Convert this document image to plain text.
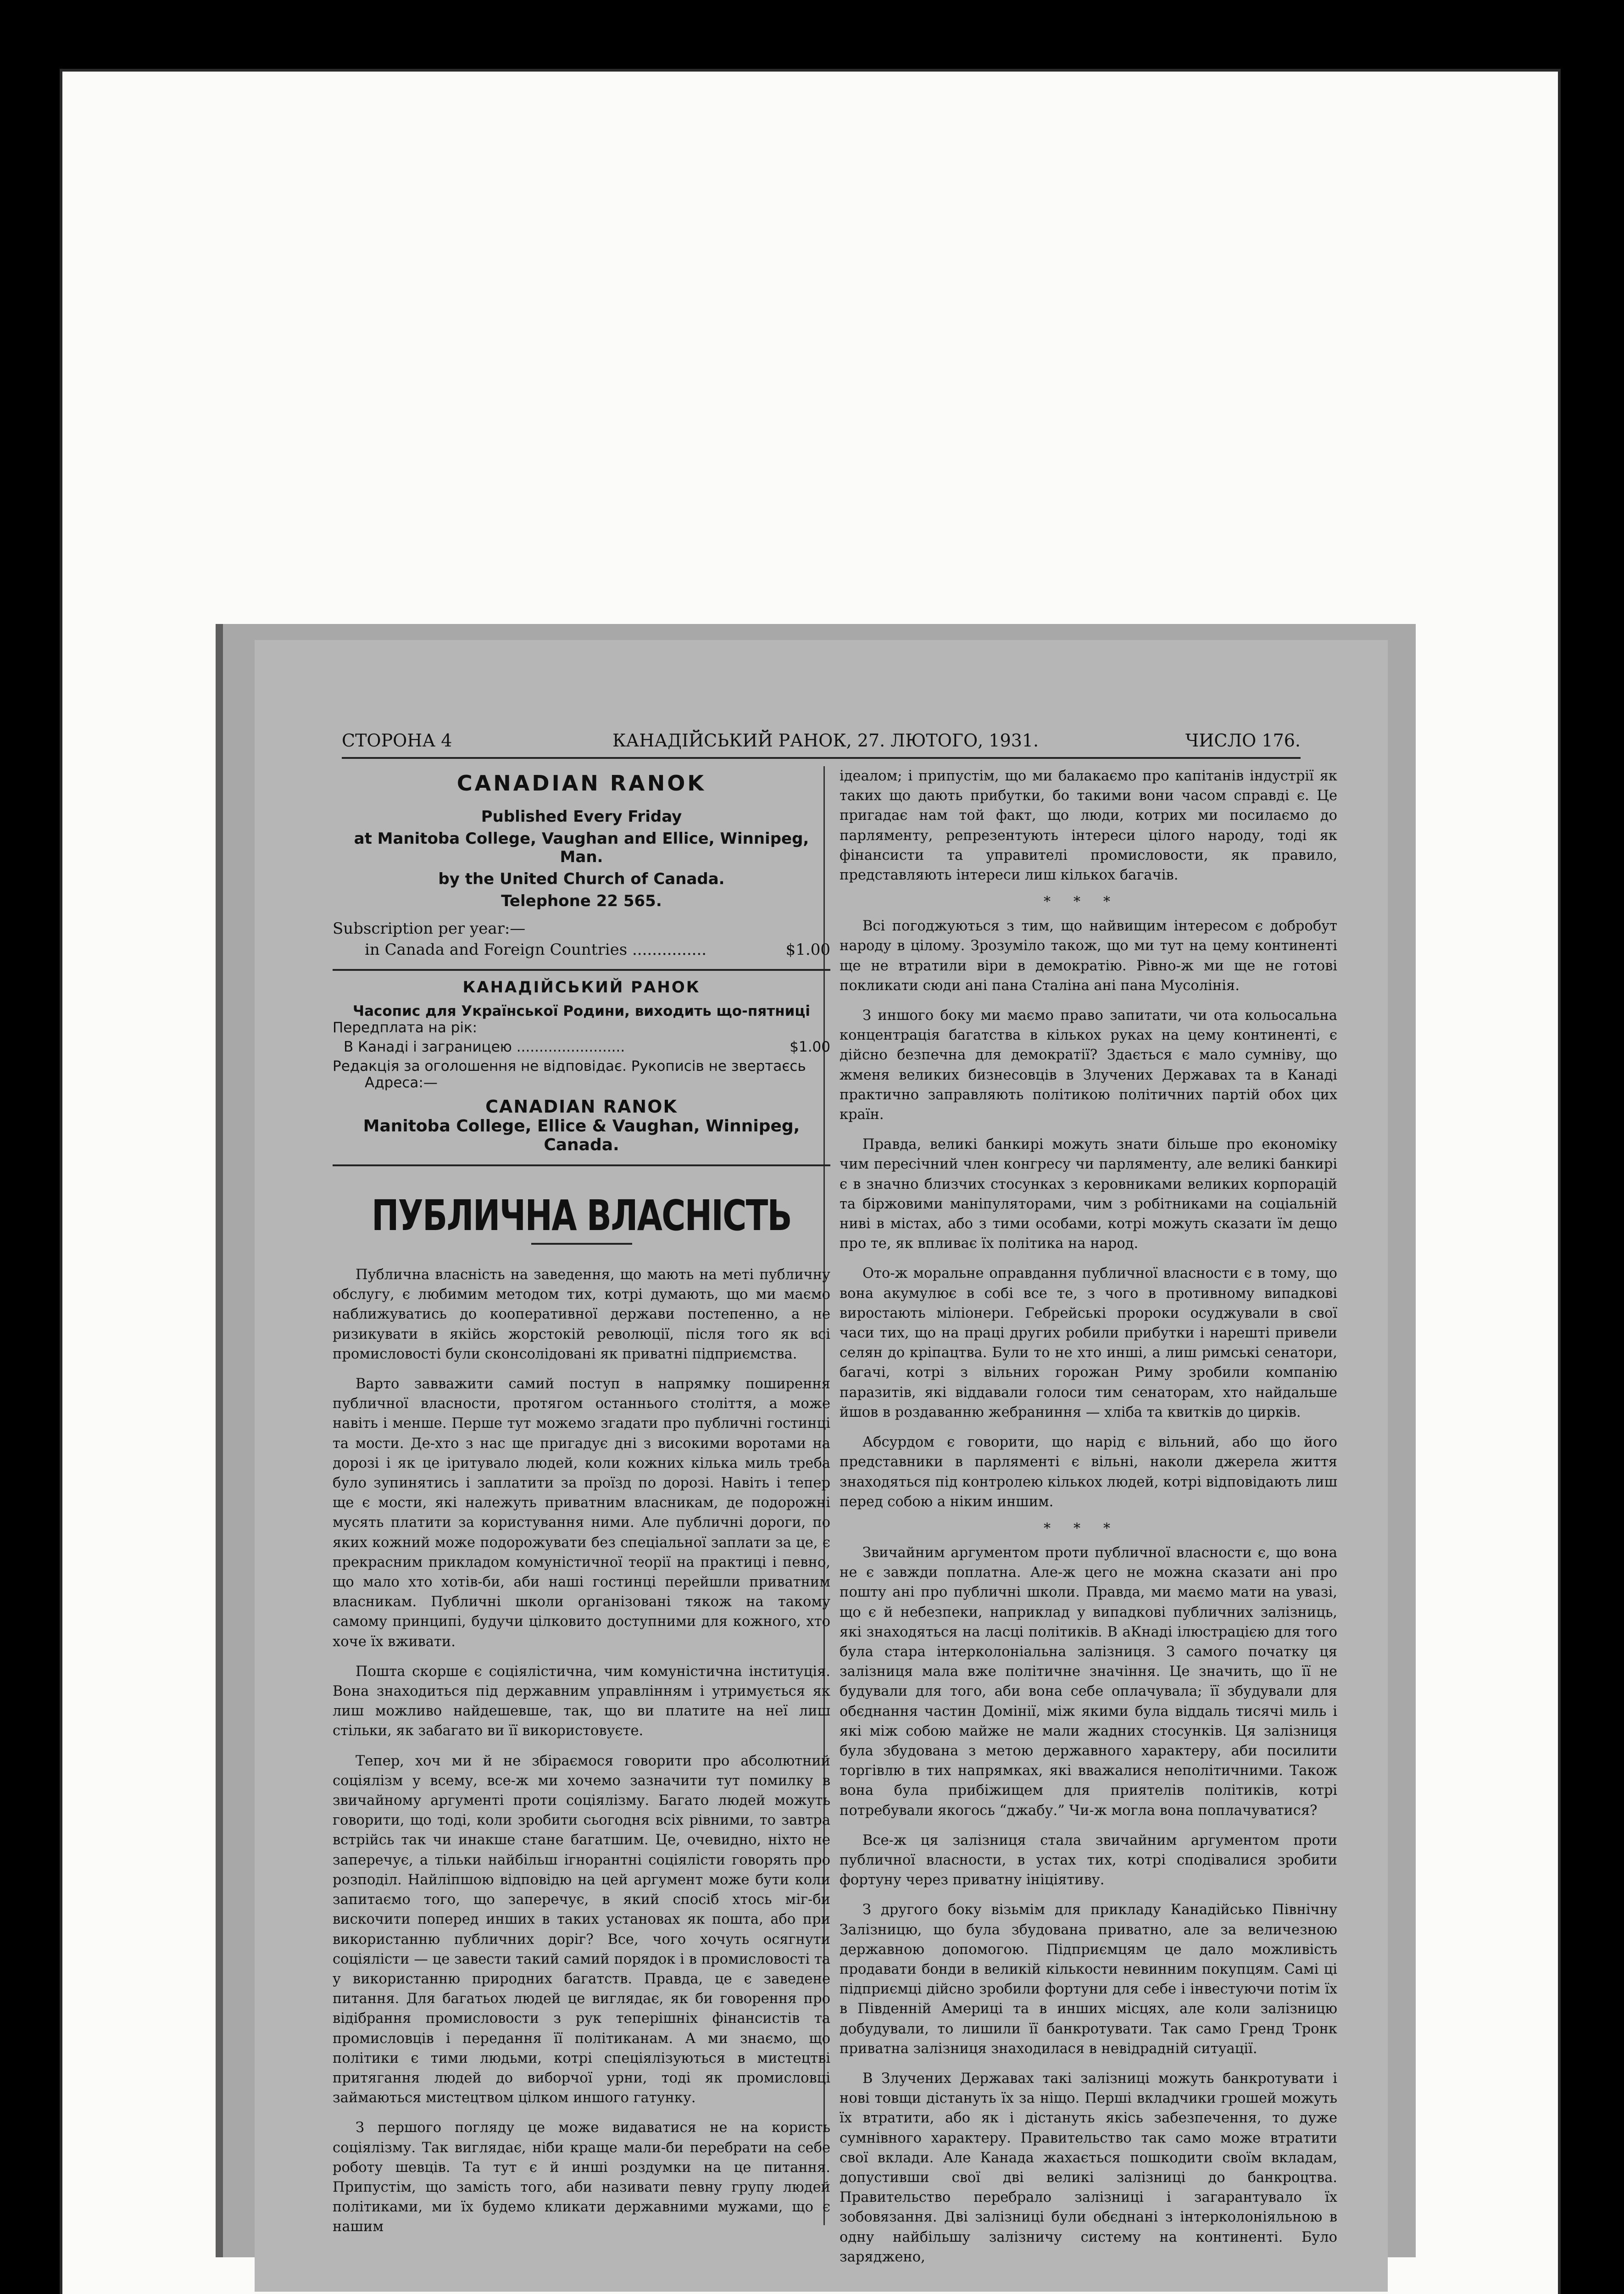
СТОРОНА 4	КАНАДІЙСЬКИЙ РАНОК, 27. ЛЮТОГО, 1931.	ЧИСЛО 176.
CANADIAN RANOK
Published Every Friday
at Manitoba College, Vaughan and Ellice, Winnipeg, Man.
by the United Church of Canada.
Telephone 22 565.
Subscription per year:—
in Canada and Foreign Countries ...............	$1.00
КАНАДІЙСЬКИЙ РАНОК
Часопис для Української Родини, виходить що-пятниці
Передплата на рік:
В Канаді і заграницею ........................	$1.00
Редакція за оголошення не відповідає. Рукописів не звертаєсь
Адреса:—
CANADIAN RANOK
Manitoba College, Ellice & Vaughan, Winnipeg, Canada.
ПУБЛИЧНА ВЛАСНІСТЬ

Публична власність на заведення, що мають на меті публичну обслугу, є любимим методом тих, котрі думають, що ми маємо наближуватись до кооперативної держави постепенно, а не ризикувати в якійсь жорстокій революції, після того як всі промисловості були сконсолідовані як приватні підприємства.

Варто завважити самий поступ в напрямку поширення публичної власности, протягом останнього століття, а може навіть і менше. Перше тут можемо згадати про публичні гостинці та мости. Де-хто з нас ще пригадує дні з високими воротами на дорозі і як це іритувало людей, коли кожних кілька миль треба було зупинятись і заплатити за проїзд по дорозі. Навіть і тепер ще є мости, які належуть приватним власникам, де подорожні мусять платити за користування ними. Але публичні дороги, по яких кожний може подорожувати без спеціальної заплати за це, є прекрасним прикладом комуністичної теорії на практиці і певно, що мало хто хотів-би, аби наші гостинці перейшли приватним власникам. Публичні школи організовані тякож на такому самому принципі, будучи цілковито доступними для кожного, хто хоче їх вживати.

Пошта скорше є соціялістична, чим комуністична інституція. Вона знаходиться під державним управлінням і утримується як лиш можливо найдешевше, так, що ви платите на неї лиш стільки, як забагато ви її використовуєте.

Тепер, хоч ми й не збіраємося говорити про абсолютний соціялізм у всему, все-ж ми хочемо зазначити тут помилку в звичайному аргументі проти соціялізму. Багато людей можуть говорити, що тоді, коли зробити сьогодня всіх рівними, то завтра встрійсь так чи инакше стане багатшим. Це, очевидно, ніхто не заперечує, а тільки найбільш ігнорантні соціялісти говорять про розподіл. Найліпшою відповідю на цей аргумент може бути коли запитаємо того, що заперечує, в який спосіб хтось міг-би вискочити поперед инших в таких установах як пошта, або при використанню публичних доріг? Все, чого хочуть осягнути соціялісти — це завести такий самий порядок і в промисловості та у використанню природних багатств. Правда, це є заведене питання. Для багатьох людей це виглядає, як би говорення про відібрання промисловости з рук теперішніх фінансистів та промисловців і передання її політиканам. А ми знаємо, що політики є тими людьми, котрі спеціялізуються в мистецтві притягання людей до виборчої урни, тоді як промисловці займаються мистецтвом цілком иншого гатунку.

З першого погляду це може видаватися не на користь соціялізму. Так виглядає, ніби краще мали-би перебрати на себе роботу шевців. Та тут є й инші роздумки на це питання. Припустім, що замість того, аби називати певну групу людей політиками, ми їх будемо кликати державними мужами, що є нашим

ідеалом; і припустім, що ми балакаємо про капітанів індустрії як таких що дають прибутки, бо такими вони часом справді є. Це пригадає нам той факт, що люди, котрих ми посилаємо до парляменту, репрезентують інтереси цілого народу, тоді як фінансисти та управителі промисловости, як правило, представляють інтереси лиш кількох багачів.

***

Всі погоджуються з тим, що найвищим інтересом є добробут народу в цілому. Зрозуміло також, що ми тут на цему континенті ще не втратили віри в демократію. Рівно-ж ми ще не готові покликати сюди ані пана Сталіна ані пана Мусолінія.

З иншого боку ми маємо право запитати, чи ота кольосальна концентрація багатства в кількох руках на цему континенті, є дійсно безпечна для демократії? Здається є мало сумніву, що жменя великих бизнесовців в Злучених Державах та в Канаді практично заправляють політикою політичних партій обох цих країн.

Правда, великі банкирі можуть знати більше про економіку чим пересічний член конгресу чи парляменту, але великі банкирі є в значно близчих стосунках з керовниками великих корпорацій та біржовими маніпуляторами, чим з робітниками на соціальній ниві в містах, або з тими особами, котрі можуть сказати їм дещо про те, як впливає їх політика на народ.

Ото-ж моральне оправдання публичної власности є в тому, що вона акумулює в собі все те, з чого в противному випадкові виростають міліонери. Гебрейські пророки осуджували в свої часи тих, що на праці других робили прибутки і нарешті привели селян до кріпацтва. Були то не хто инші, а лиш римські сенатори, багачі, котрі з вільних горожан Риму зробили компанію паразитів, які віддавали голоси тим сенаторам, хто найдальше йшов в роздаванню жебраниння — хліба та квитків до цирків.

Абсурдом є говорити, що нарід є вільний, або що його представники в парляменті є вільні, наколи джерела життя знаходяться під контролею кількох людей, котрі відповідають лиш перед собою а ніким иншим.

***

Звичайним аргументом проти публичної власности є, що вона не є завжди поплатна. Але-ж цего не можна сказати ані про пошту ані про публичні школи. Правда, ми маємо мати на увазі, що є й небезпеки, наприклад у випадкові публичних залізниць, які знаходяться на ласці політиків. В аКнаді ілюстрацією для того була стара інтерколоніальна залізниця. З самого початку ця залізниця мала вже політичне значіння. Це значить, що її не будували для того, аби вона себе оплачувала; її збудували для обєднання частин Домінії, між якими була віддаль тисячі миль і які між собою майже не мали жадних стосунків. Ця залізниця була збудована з метою державного характеру, аби посилити торгівлю в тих напрямках, які вважалися неполітичними. Також вона була прибіжищем для приятелів політиків, котрі потребували якогось “джабу.” Чи-ж могла вона поплачуватися?

Все-ж ця залізниця стала звичайним аргументом проти публичної власности, в устах тих, котрі сподівалися зробити фортуну через приватну ініціятиву.

З другого боку візьмім для прикладу Канадійсько Північну Залізницю, що була збудована приватно, але за величезною державною допомогою. Підприємцям це дало можливість продавати бонди в великій кількости невинним покупцям. Самі ці підприємці дійсно зробили фортуни для себе і інвестуючи потім їх в Південній Америці та в инших місцях, але коли залізницю добудували, то лишили її банкротувати. Так само Гренд Тронк приватна залізниця знаходилася в невідрадній ситуації.

В Злучених Державах такі залізниці можуть банкротувати і нові товщи дістануть їх за ніщо. Перші вкладчики грошей можуть їх втратити, або як і дістануть якісь забезпечення, то дуже сумнівного характеру. Правительство так само може втратити свої вклади. Але Канада жахається пошкодити своїм вкладам, допустивши свої дві великі залізниці до банкроцтва. Правительство перебрало залізниці і загарантувало їх зобовязання. Дві залізниці були обєднані з інтерколоніяльною в одну найбільшу залізничу систему на континенті. Було заряджено,
